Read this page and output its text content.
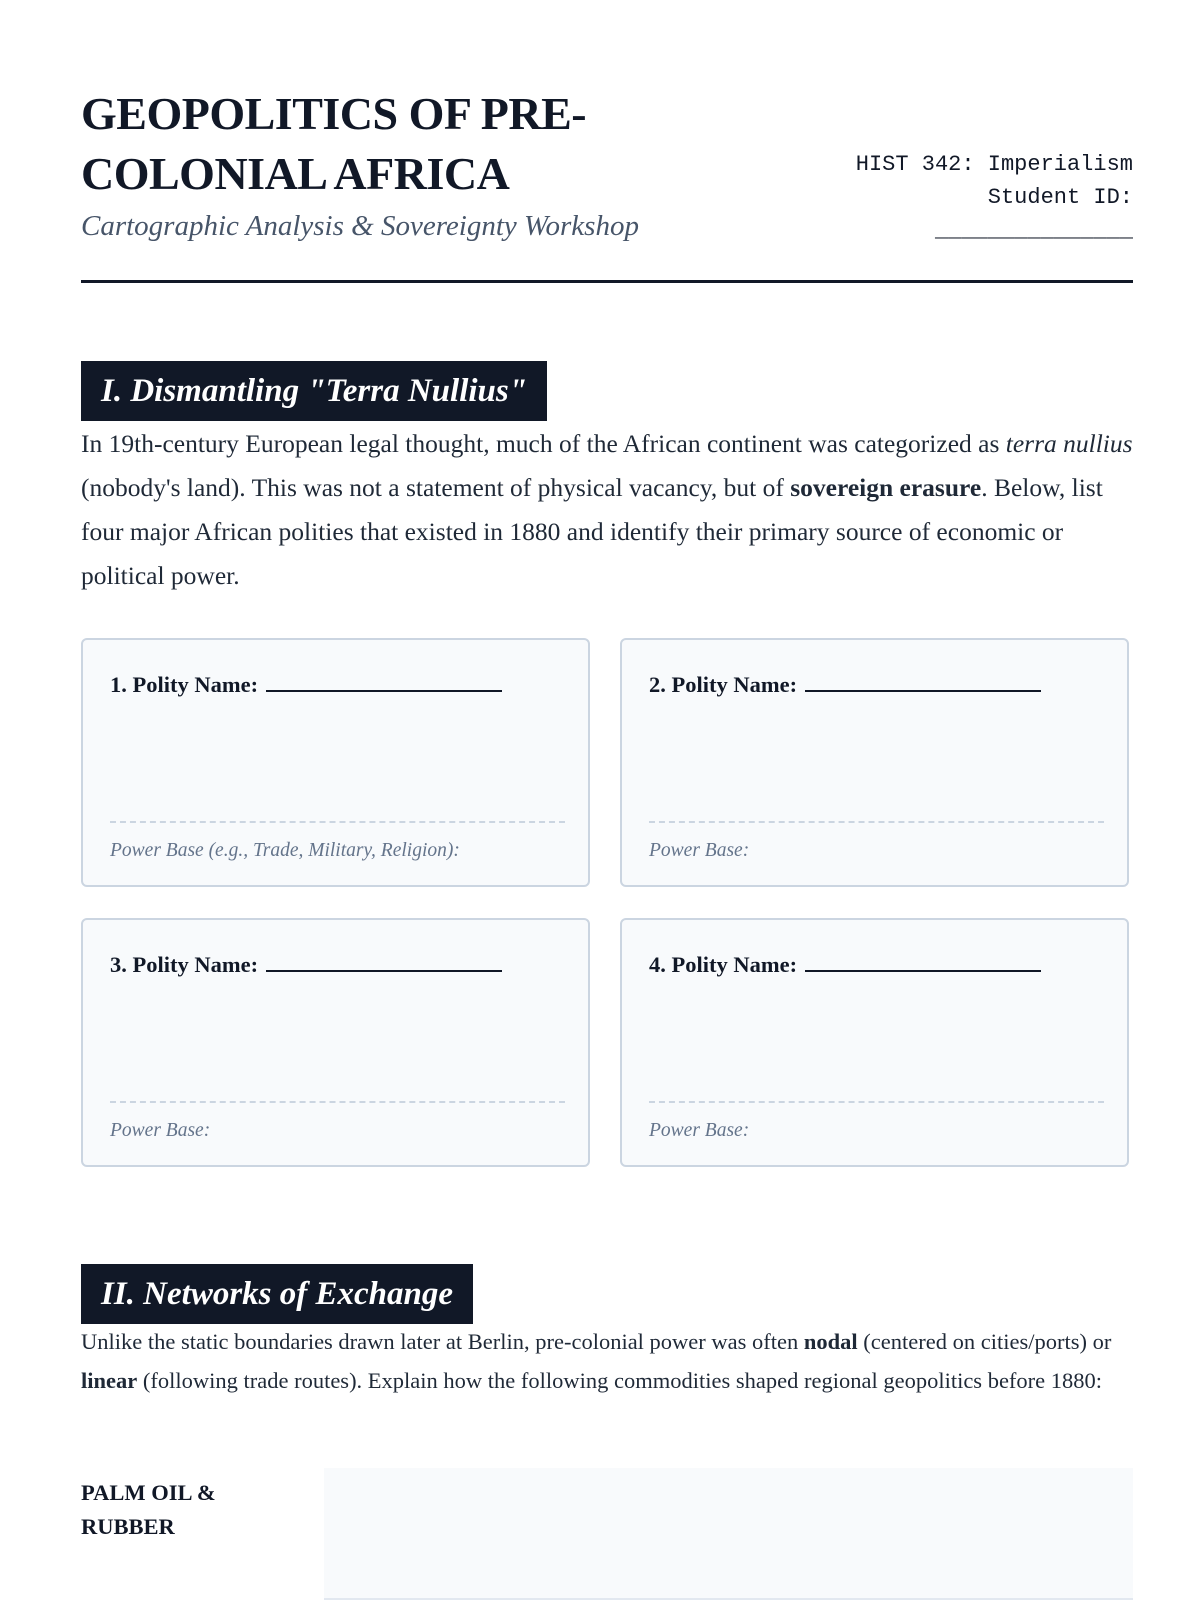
GEOPOLITICS OF PRE-COLONIAL AFRICA

Cartographic Analysis & Sovereignty Workshop

HIST 342: Imperialism
Student ID:
_______________
I. Dismantling "Terra Nullius"

In 19th-century European legal thought, much of the African continent was categorized as terra nullius (nobody's land). This was not a statement of physical vacancy, but of sovereign erasure. Below, list four major African polities that existed in 1880 and identify their primary source of economic or political power.

1. Polity Name:
Power Base (e.g., Trade, Military, Religion):
2. Polity Name:
Power Base:
3. Polity Name:
Power Base:
4. Polity Name:
Power Base:
II. Networks of Exchange

Unlike the static boundaries drawn later at Berlin, pre-colonial power was often nodal (centered on cities/ports) or linear (following trade routes). Explain how the following commodities shaped regional geopolitics before 1880:

PALM OIL & RUBBER
